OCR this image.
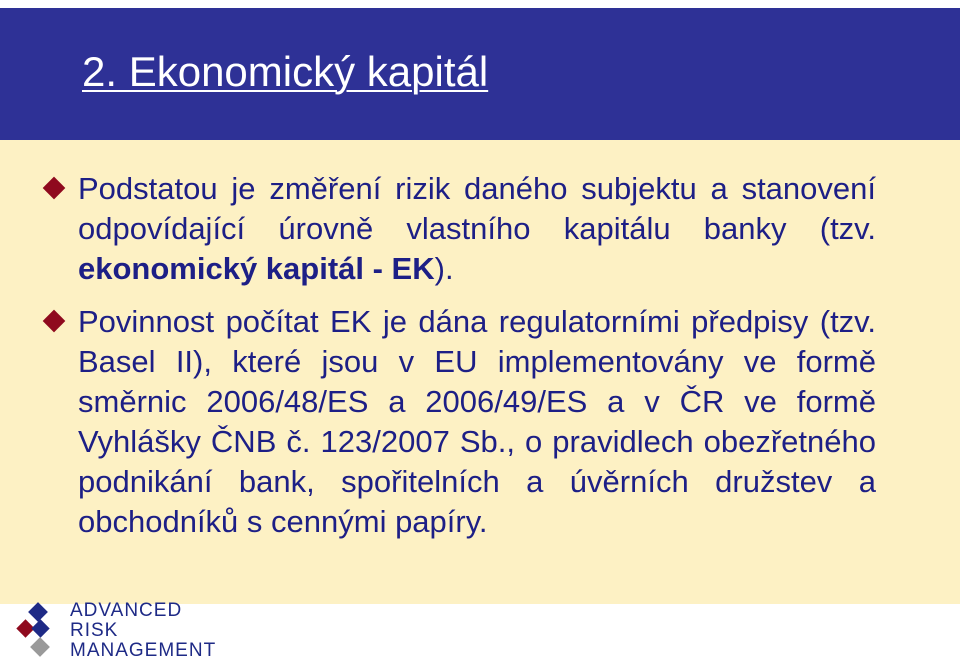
2. Ekonomický kapitál
Podstatou je změření rizik daného subjektu a stanovení odpovídající úrovně vlastního kapitálu banky (tzv. ekonomický kapitál - EK).
Povinnost počítat EK je dána regulatorními předpisy (tzv. Basel II), které jsou v EU implementovány ve formě směrnic 2006/48/ES a 2006/49/ES a v ČR ve formě Vyhlášky ČNB č. 123/2007 Sb., o pravidlech obezřetného podnikání bank, spořitelních a úvěrních družstev a obchodníků s cennými papíry.
ADVANCED
RISK
MANAGEMENT
